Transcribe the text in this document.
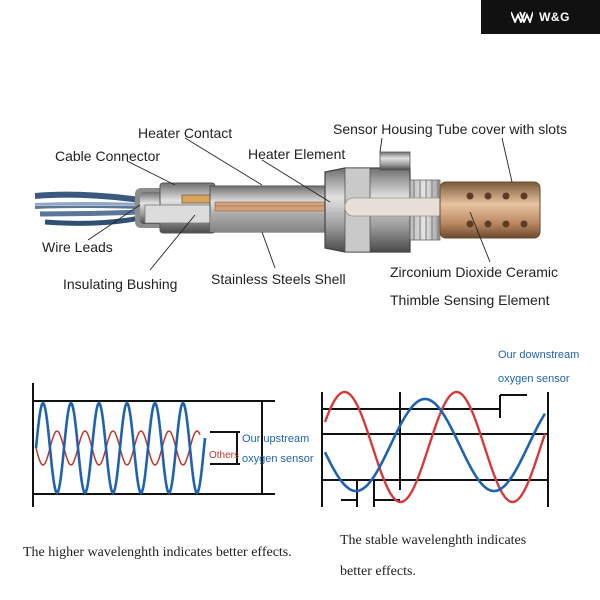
W&G
Heater Contact
Cable Connector	Heater Element
Sensor Housing Tube cover with slots
Wire Leads
Insulating Bushing Stainless Steels Shell	Zirconium Dioxide Ceramic
Thimble Sensing Element
Others
Our upstream
oxygen sensor
Our downstream
oxygen sensor
The higher wavelenghth indicates better effects.
The stable wavelenghth indicates
better effects.
